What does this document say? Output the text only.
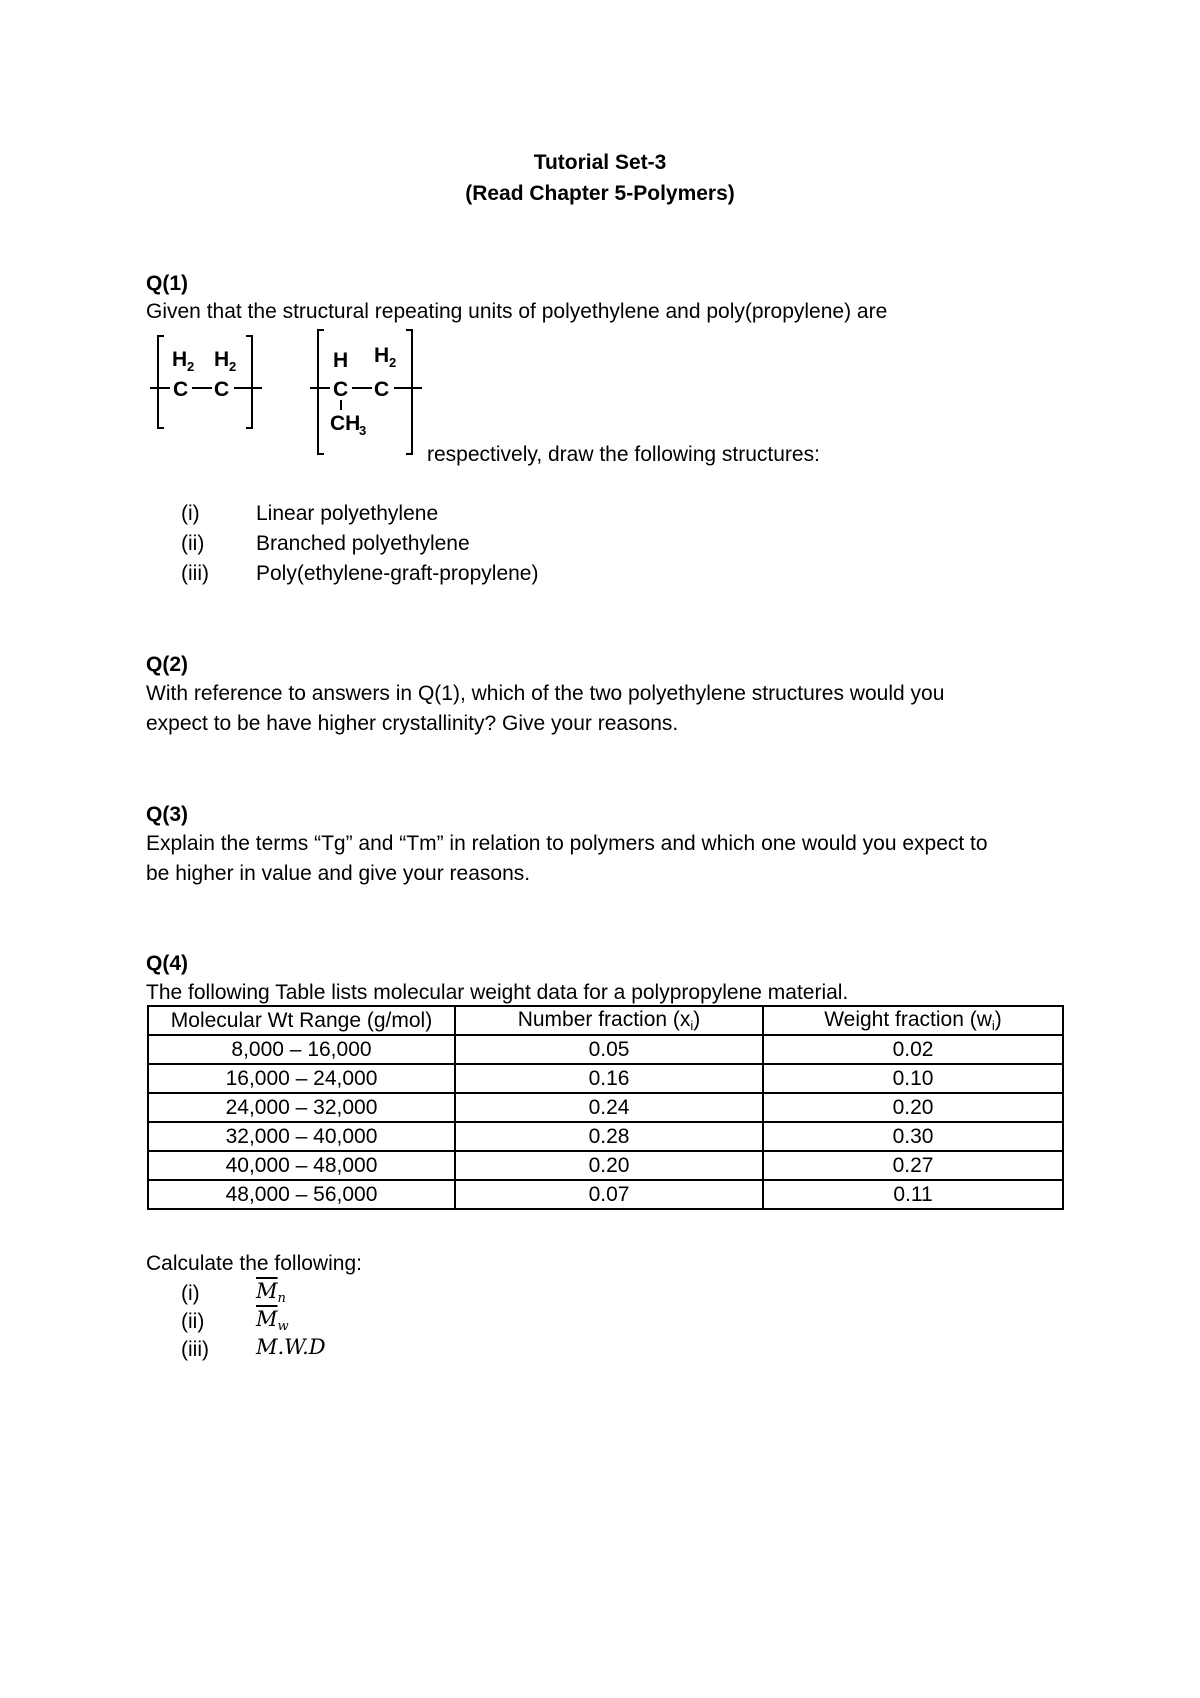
Tutorial Set-3
(Read Chapter 5-Polymers)
Q(1)
Given that the structural repeating units of polyethylene and poly(propylene) are
H 2 H 2
C C
H H 2
C C
CH
3
respectively, draw the following structures:
(i)	Linear polyethylene
(ii) Branched polyethylene
(iii) Poly(ethylene-graft-propylene)
Q(2)
With reference to answers in Q(1), which of the two polyethylene structures would you
expect to be have higher crystallinity? Give your reasons.
Q(3)
Explain the terms “Tg” and “Tm” in relation to polymers and which one would you expect to
be higher in value and give your reasons.
Q(4)
The following Table lists molecular weight data for a polypropylene material.
Molecular Wt Range (g/mol)	Number fraction $(x_i)$	Weight fraction $(w_i)$
8,000 – 16,000	0.05	0.02
16,000 – 24,000	0.16	0.10
24,000 – 32,000	0.24	0.20
32,000 – 40,000	0.28	0.30
40,000 – 48,000	0.20	0.27
48,000 – 56,000	0.07	0.11
Calculate the following:
(i)	$\overline{M}_n$
(ii) $\overline{M}_w$
(iii) M.W.D
